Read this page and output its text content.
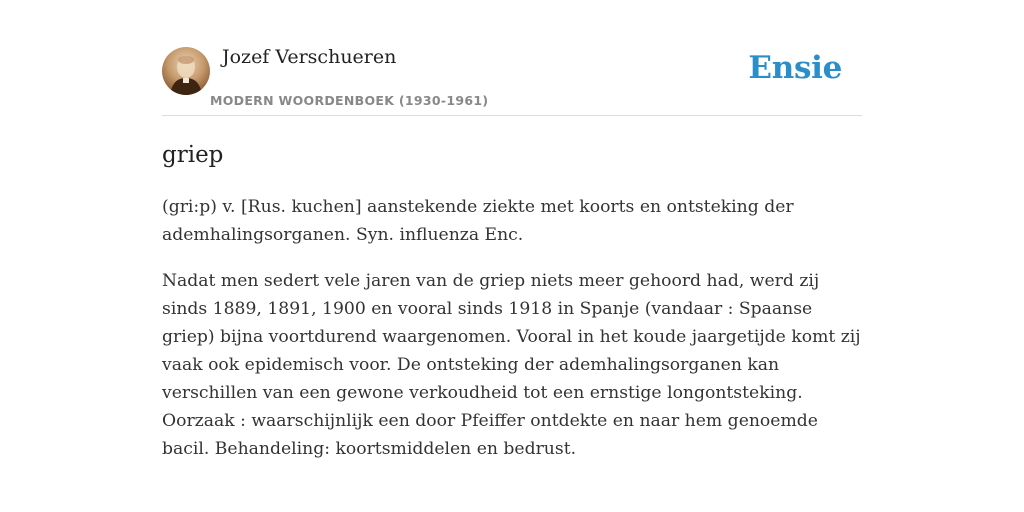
Jozef Verschueren
MODERN WOORDENBOEK (1930-1961)
Ensie
griep

(gri:p) v. [Rus. kuchen] aanstekende ziekte met koorts en ontsteking der ademhalingsorganen. Syn. influenza Enc.

Nadat men sedert vele jaren van de griep niets meer gehoord had, werd zij sinds 1889, 1891, 1900 en vooral sinds 1918 in Spanje (vandaar : Spaanse griep) bijna voortdurend waargenomen. Vooral in het koude jaargetijde komt zij vaak ook epidemisch voor. De ontsteking der ademhalingsorganen kan verschillen van een gewone verkoudheid tot een ernstige longontsteking. Oorzaak : waarschijnlijk een door Pfeiffer ontdekte en naar hem genoemde bacil. Behandeling: koortsmiddelen en bedrust.
